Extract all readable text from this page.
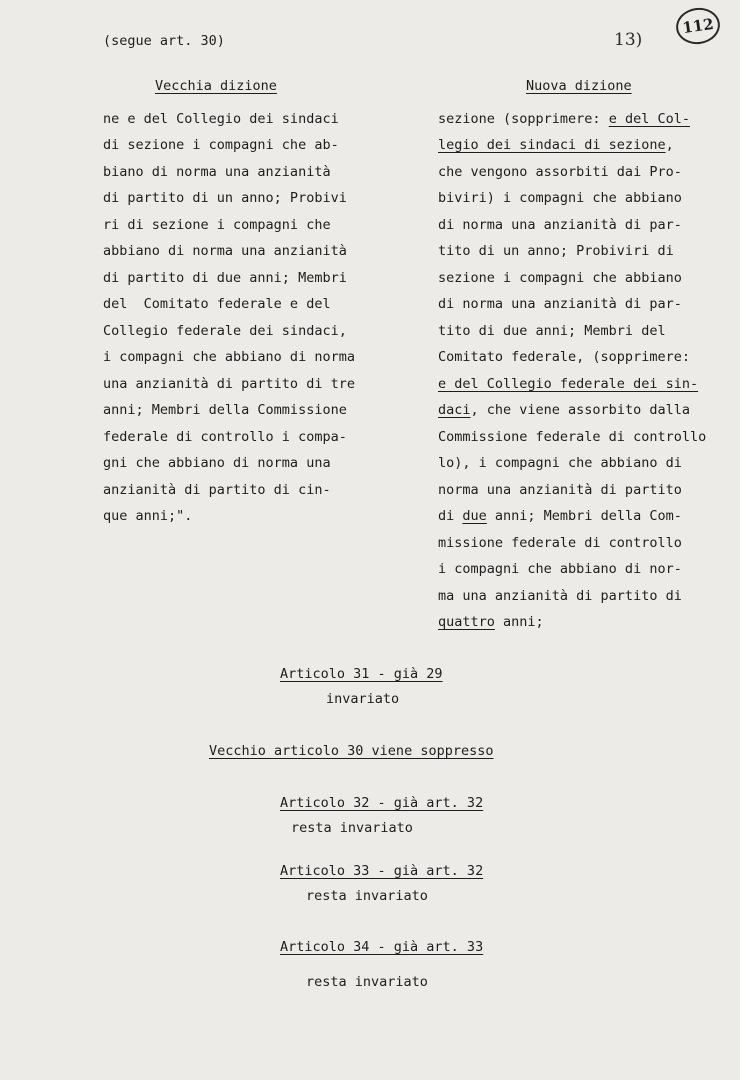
(segue art. 30)	13)
112
Vecchia dizione
ne e del Collegio dei sindaci
di sezione i compagni che ab-
biano di norma una anzianità
di partito di un anno; Probivi
ri di sezione i compagni che
abbiano di norma una anzianità
di partito di due anni; Membri
del  Comitato federale e del
Collegio federale dei sindaci,
i compagni che abbiano di norma
una anzianità di partito di tre
anni; Membri della Commissione
federale di controllo i compa-
gni che abbiano di norma una
anzianità di partito di cin-
que anni;".
Nuova dizione
sezione (sopprimere: e del Col-
legio dei sindaci di sezione,
che vengono assorbiti dai Pro-
biviri) i compagni che abbiano
di norma una anzianità di par-
tito di un anno; Probiviri di
sezione i compagni che abbiano
di norma una anzianità di par-
tito di due anni; Membri del
Comitato federale, (sopprimere:
e del Collegio federale dei sin-
daci, che viene assorbito dalla
Commissione federale di controllo
lo), i compagni che abbiano di
norma una anzianità di partito
di due anni; Membri della Com-
missione federale di controllo
i compagni che abbiano di nor-
ma una anzianità di partito di
quattro anni;
Articolo 31 - già 29
invariato
Vecchio articolo 30 viene soppresso
Articolo 32 - già art. 32
resta invariato
Articolo 33 - già art. 32
resta invariato
Articolo 34 - già art. 33
resta invariato
